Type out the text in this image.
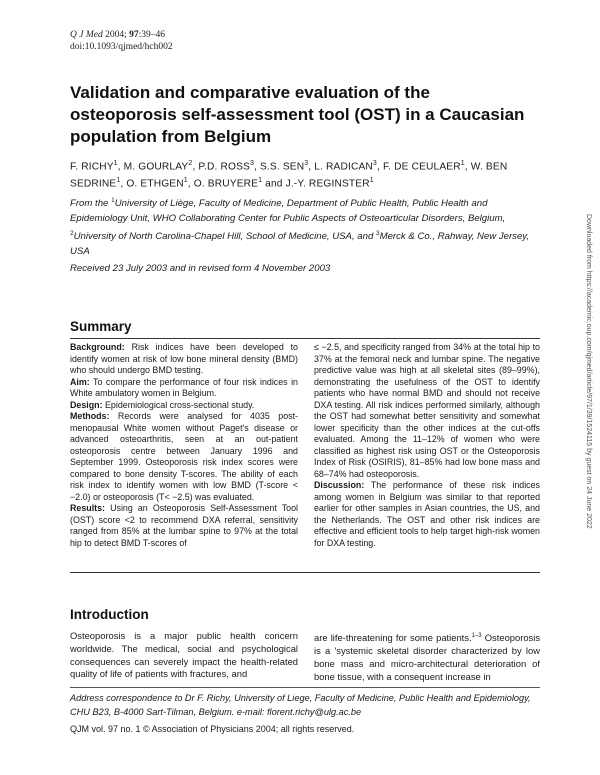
Q J Med 2004; 97:39–46
doi:10.1093/qjmed/hch002
Validation and comparative evaluation of the osteoporosis self-assessment tool (OST) in a Caucasian population from Belgium
F. RICHY$^1$, M. GOURLAY$^2$, P.D. ROSS$^3$, S.S. SEN$^3$, L. RADICAN$^3$, F. DE CEULAER$^1$, W. BEN SEDRINE$^1$, O. ETHGEN$^1$, O. BRUYERE$^1$ and J.-Y. REGINSTER$^1$
From the $^1$University of Liège, Faculty of Medicine, Department of Public Health, Public Health and Epidemiology Unit, WHO Collaborating Center for Public Aspects of Osteoarticular Disorders, Belgium, $^2$University of North Carolina-Chapel Hill, School of Medicine, USA, and $^3$Merck & Co., Rahway, New Jersey, USA
Received 23 July 2003 and in revised form 4 November 2003
Summary

Background: Risk indices have been developed to identify women at risk of low bone mineral density (BMD) who should undergo BMD testing.

Aim: To compare the performance of four risk indices in White ambulatory women in Belgium.

Design: Epidemiological cross-sectional study.

Methods: Records were analysed for 4035 post-menopausal White women without Paget's disease or advanced osteoarthritis, seen at an out-patient osteoporosis centre between January 1996 and September 1999. Osteoporosis risk index scores were compared to bone density T-scores. The ability of each risk index to identify women with low BMD (T-score < −2.0) or osteoporosis (T< −2.5) was evaluated.

Results: Using an Osteoporosis Self-Assessment Tool (OST) score <2 to recommend DXA referral, sensitivity ranged from 85% at the lumbar spine to 97% at the total hip to detect BMD T-scores of

≤ −2.5, and specificity ranged from 34% at the total hip to 37% at the femoral neck and lumbar spine. The negative predictive value was high at all skeletal sites (89–99%), demonstrating the usefulness of the OST to identify patients who have normal BMD and should not receive DXA testing. All risk indices performed similarly, although the OST had somewhat better sensitivity and somewhat lower specificity than the other indices at the cut-offs evaluated. Among the 11–12% of women who were classified as highest risk using OST or the Osteoporosis Index of Risk (OSIRIS), 81–85% had low bone mass and 68–74% had osteoporosis.

Discussion: The performance of these risk indices among women in Belgium was similar to that reported earlier for other samples in Asian countries, the US, and the Netherlands. The OST and other risk indices are effective and efficient tools to help target high-risk women for DXA testing.

Introduction
Osteoporosis is a major public health concern worldwide. The medical, social and psychological consequences can severely impact the health-related quality of life of patients with fractures, and
are life-threatening for some patients.$^{1-3}$ Osteoporosis is a 'systemic skeletal disorder characterized by low bone mass and micro-architectural deterioration of bone tissue, with a consequent increase in
Address correspondence to Dr F. Richy, University of Liege, Faculty of Medicine, Public Health and Epidemiology, CHU B23, B-4000 Sart-Tilman, Belgium. e-mail: florent.richy@ulg.ac.be
QJM vol. 97 no. 1 © Association of Physicians 2004; all rights reserved.
Downloaded from https://academic.oup.com/qjmed/article/97/1/39/1524115 by guest on 24 June 2022
